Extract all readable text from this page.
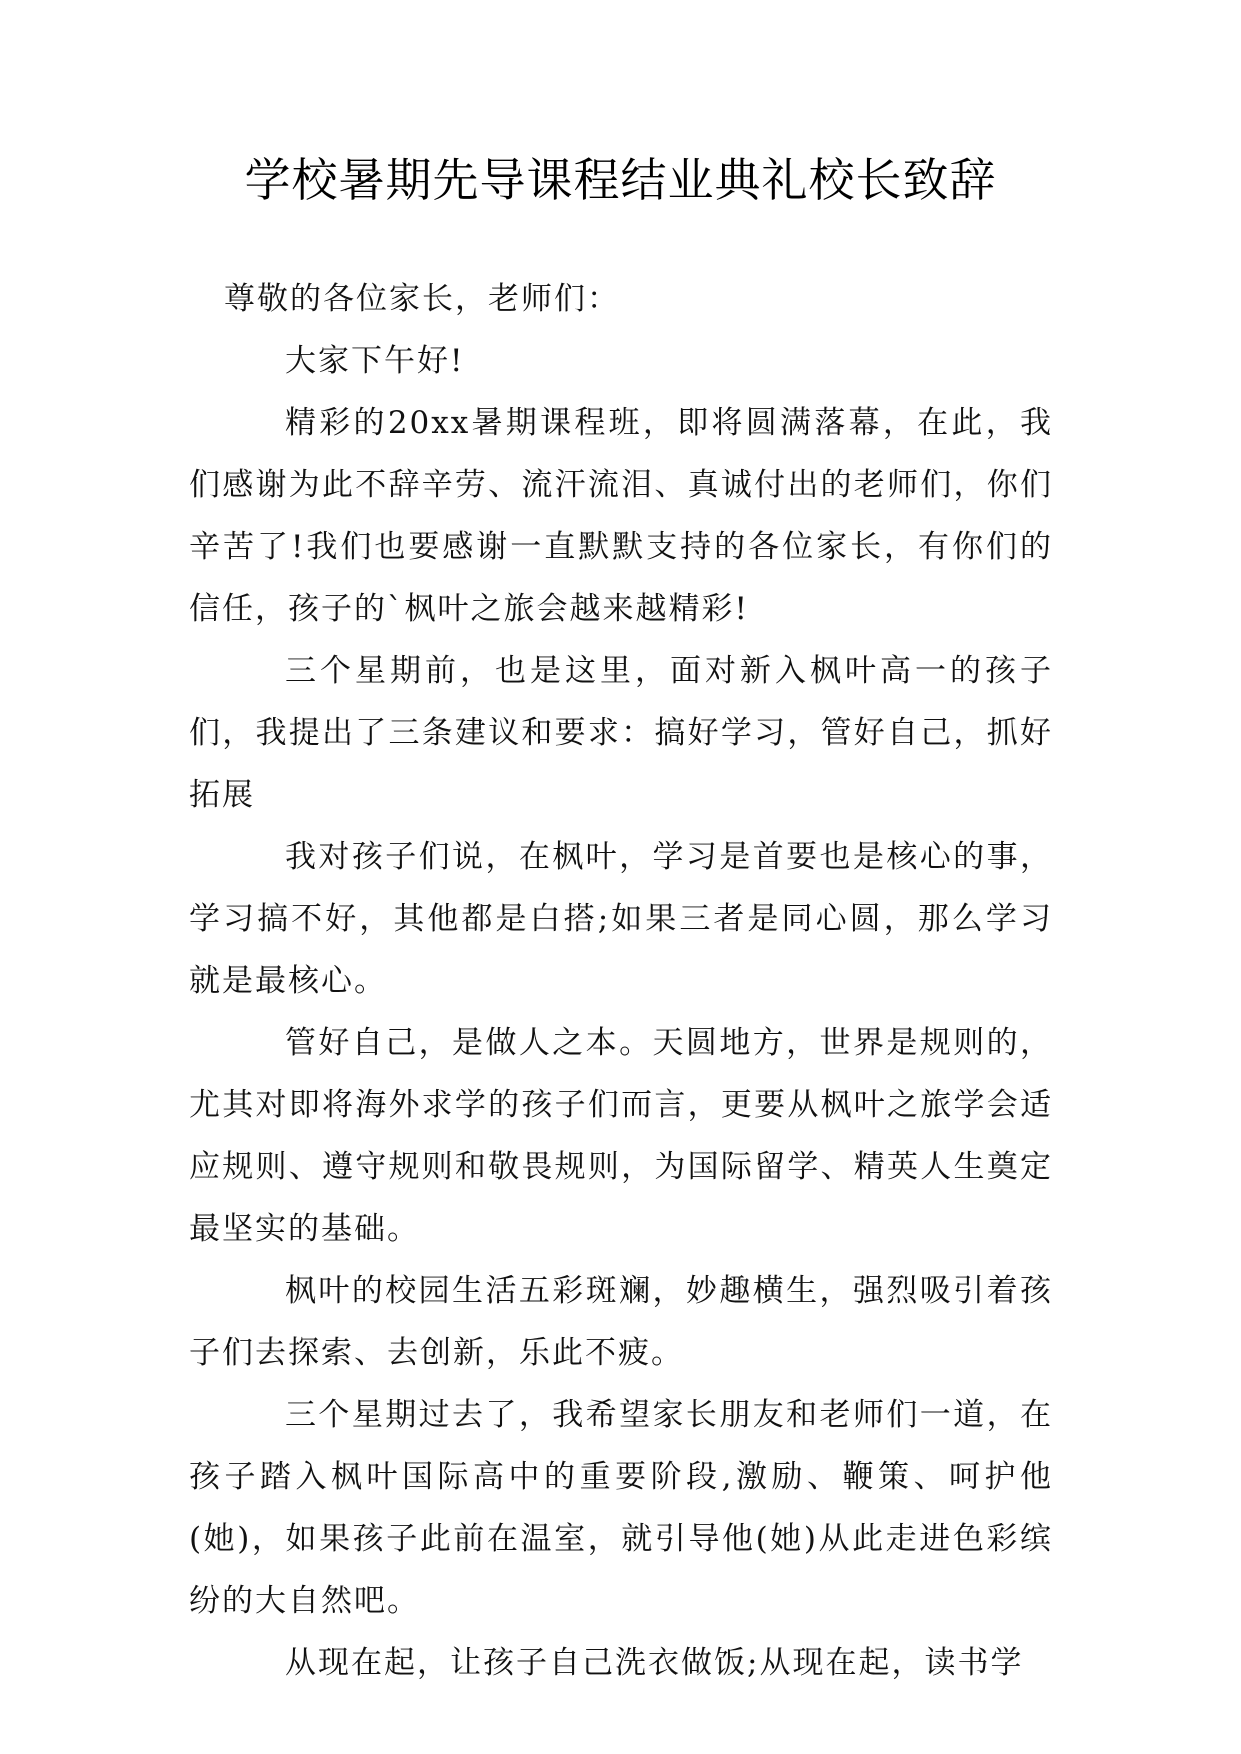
学校暑期先导课程结业典礼校长致辞

尊敬的各位家长，老师们：

大家下午好!

精彩的20xx暑期课程班，即将圆满落幕，在此，我们感谢为此不辞辛劳、流汗流泪、真诚付出的老师们，你们辛苦了!我们也要感谢一直默默支持的各位家长，有你们的信任，孩子的`枫叶之旅会越来越精彩!

三个星期前，也是这里，面对新入枫叶高一的孩子们，我提出了三条建议和要求：搞好学习，管好自己，抓好拓展

我对孩子们说，在枫叶，学习是首要也是核心的事，学习搞不好，其他都是白搭;如果三者是同心圆，那么学习就是最核心。

管好自己，是做人之本。天圆地方，世界是规则的，尤其对即将海外求学的孩子们而言，更要从枫叶之旅学会适应规则、遵守规则和敬畏规则，为国际留学、精英人生奠定最坚实的基础。

枫叶的校园生活五彩斑斓，妙趣横生，强烈吸引着孩子们去探索、去创新，乐此不疲。

三个星期过去了，我希望家长朋友和老师们一道，在孩子踏入枫叶国际高中的重要阶段,激励、鞭策、呵护他(她)，如果孩子此前在温室，就引导他(她)从此走进色彩缤纷的大自然吧。

从现在起，让孩子自己洗衣做饭;从现在起，读书学
